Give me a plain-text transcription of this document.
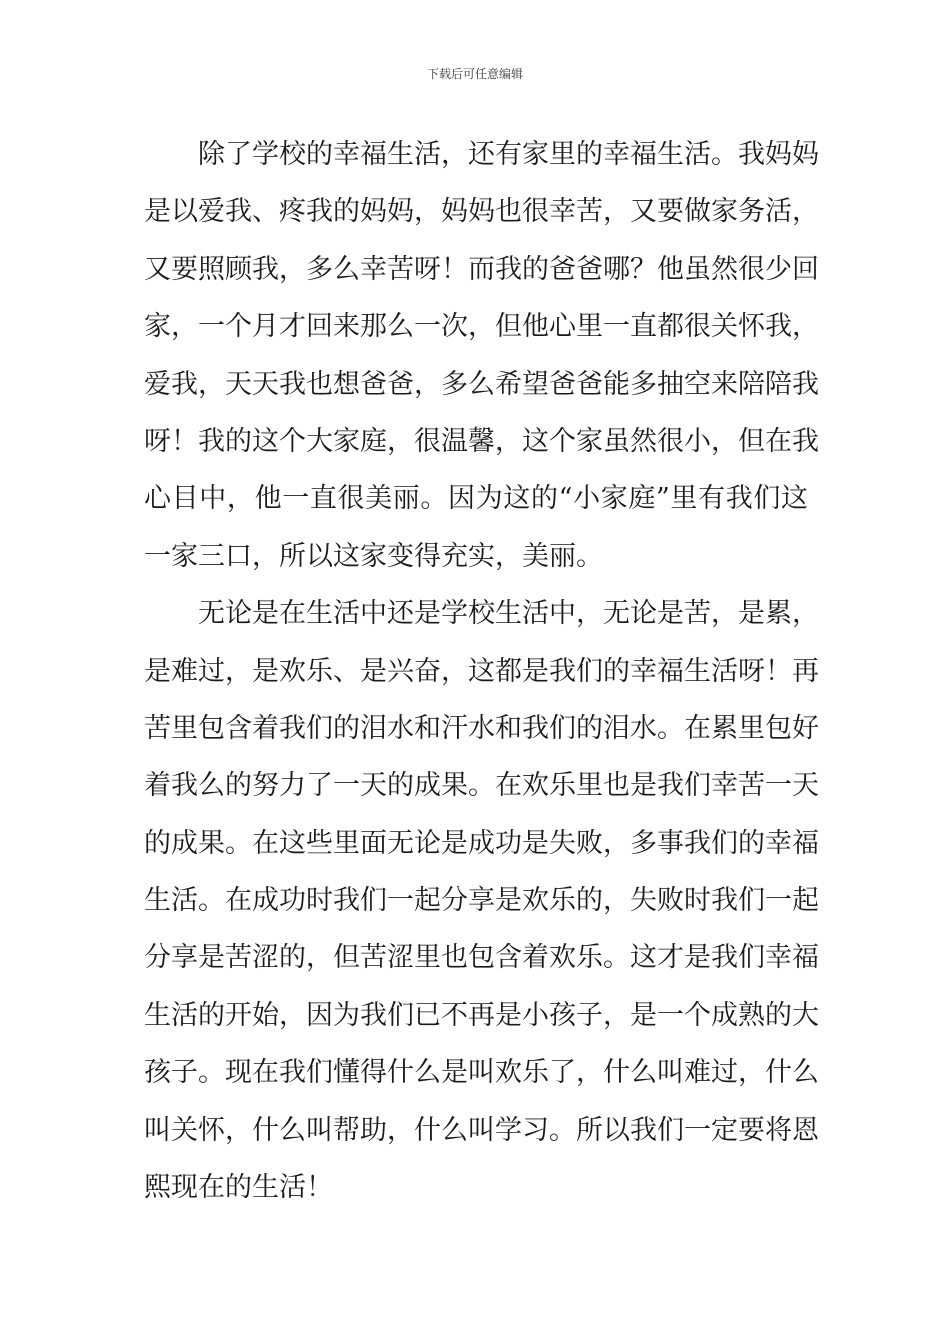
下载后可任意编辑
除了学校的幸福生活，还有家里的幸福生活。我妈妈
是以爱我、疼我的妈妈，妈妈也很幸苦，又要做家务活，
又要照顾我，多么幸苦呀！而我的爸爸哪？他虽然很少回
家，一个月才回来那么一次，但他心里一直都很关怀我，
爱我，天天我也想爸爸，多么希望爸爸能多抽空来陪陪我
呀！我的这个大家庭，很温馨，这个家虽然很小，但在我
心目中，他一直很美丽。因为这的“小家庭”里有我们这
一家三口，所以这家变得充实，美丽。
无论是在生活中还是学校生活中，无论是苦，是累，
是难过，是欢乐、是兴奋，这都是我们的幸福生活呀！再
苦里包含着我们的泪水和汗水和我们的泪水。在累里包好
着我么的努力了一天的成果。在欢乐里也是我们幸苦一天
的成果。在这些里面无论是成功是失败，多事我们的幸福
生活。在成功时我们一起分享是欢乐的，失败时我们一起
分享是苦涩的，但苦涩里也包含着欢乐。这才是我们幸福
生活的开始，因为我们已不再是小孩子，是一个成熟的大
孩子。现在我们懂得什么是叫欢乐了，什么叫难过，什么
叫关怀，什么叫帮助，什么叫学习。所以我们一定要将恩
熙现在的生活！
